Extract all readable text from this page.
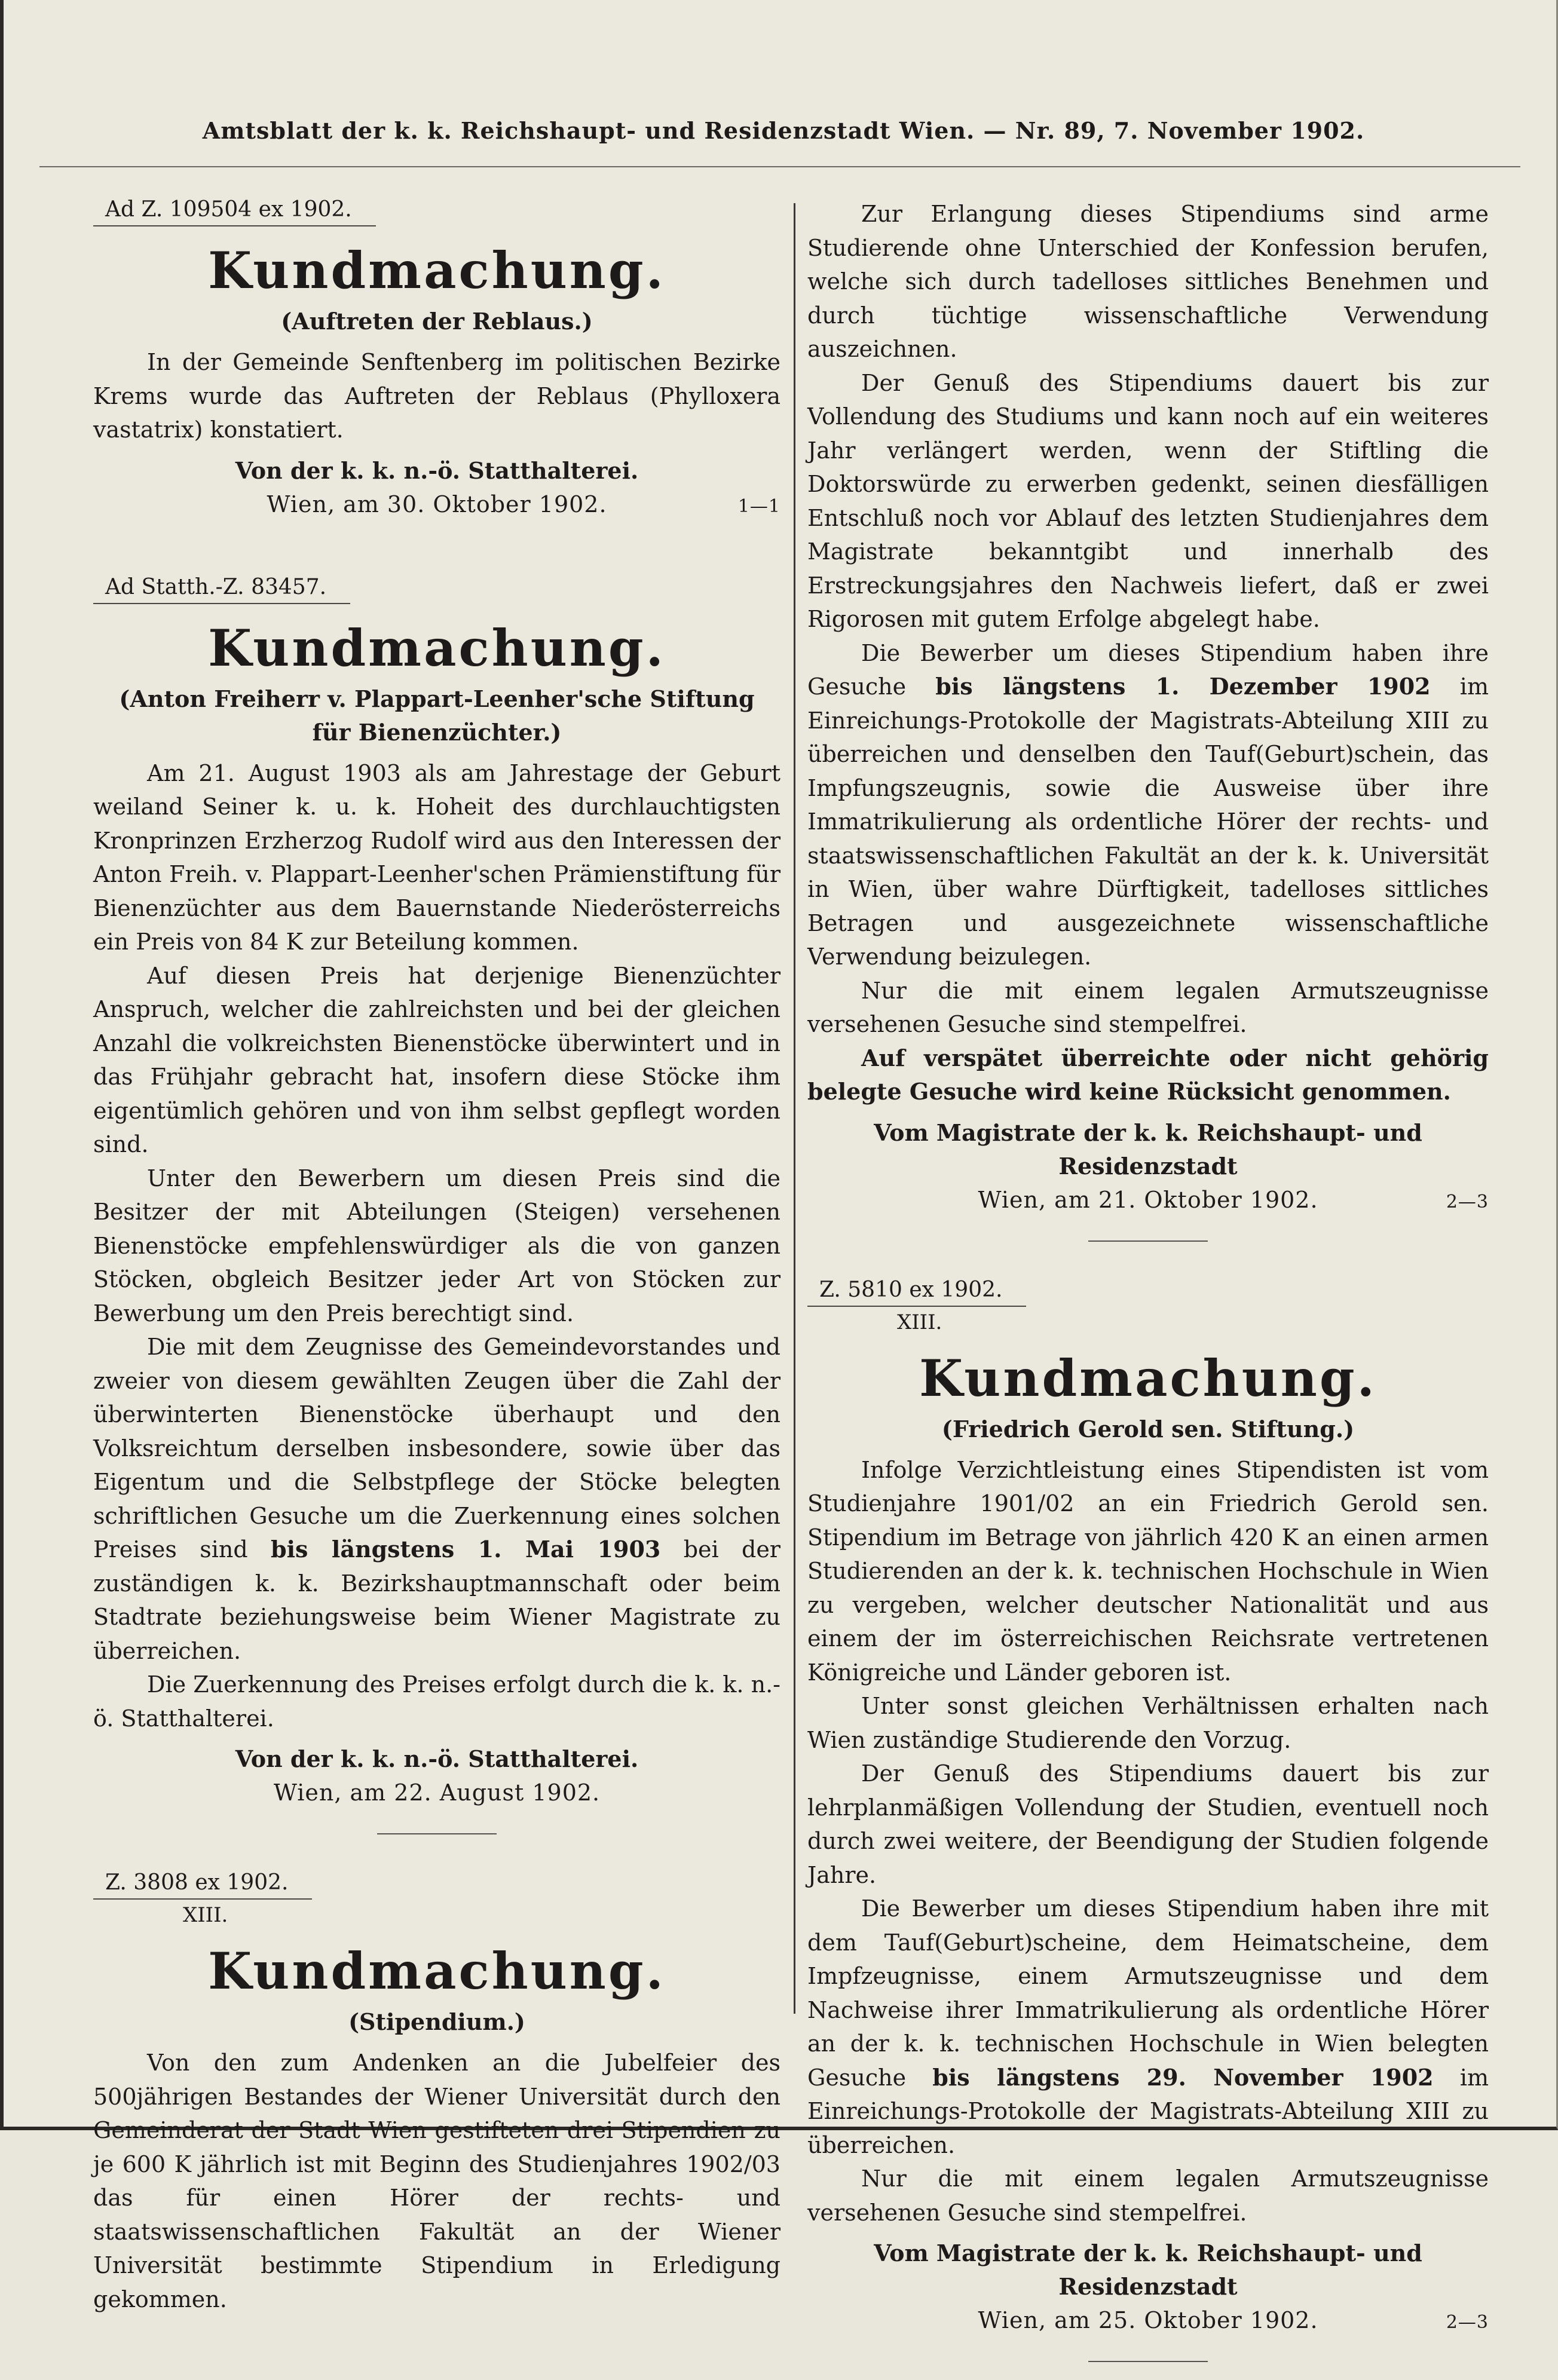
Amtsblatt der k. k. Reichshaupt- und Residenzstadt Wien. — Nr. 89, 7. November 1902.
Ad Z. 109504 ex 1902.
Kundmachung.
(Auftreten der Reblaus.)

In der Gemeinde Senftenberg im politischen Bezirke Krems wurde das Auftreten der Reblaus (Phylloxera vastatrix) konstatiert.

Von der k. k. n.-ö. Statthalterei.
Wien, am 30. Oktober 1902.	1—1
Ad Statth.-Z. 83457.
Kundmachung.
(Anton Freiherr v. Plappart-Leenher'sche Stiftung für Bienenzüchter.)

Am 21. August 1903 als am Jahrestage der Geburt weiland Seiner k. u. k. Hoheit des durchlauchtigsten Kronprinzen Erzherzog Rudolf wird aus den Interessen der Anton Freih. v. Plappart-Leenher'schen Prämienstiftung für Bienenzüchter aus dem Bauernstande Niederösterreichs ein Preis von 84 K zur Beteilung kommen.

Auf diesen Preis hat derjenige Bienenzüchter Anspruch, welcher die zahlreichsten und bei der gleichen Anzahl die volkreichsten Bienenstöcke überwintert und in das Frühjahr gebracht hat, insofern diese Stöcke ihm eigentümlich gehören und von ihm selbst gepflegt worden sind.

Unter den Bewerbern um diesen Preis sind die Besitzer der mit Abteilungen (Steigen) versehenen Bienenstöcke empfehlenswürdiger als die von ganzen Stöcken, obgleich Besitzer jeder Art von Stöcken zur Bewerbung um den Preis berechtigt sind.

Die mit dem Zeugnisse des Gemeindevorstandes und zweier von diesem gewählten Zeugen über die Zahl der überwinterten Bienenstöcke überhaupt und den Volksreichtum derselben insbesondere, sowie über das Eigentum und die Selbstpflege der Stöcke belegten schriftlichen Gesuche um die Zuerkennung eines solchen Preises sind bis längstens 1. Mai 1903 bei der zuständigen k. k. Bezirkshauptmannschaft oder beim Stadtrate beziehungsweise beim Wiener Magistrate zu überreichen.

Die Zuerkennung des Preises erfolgt durch die k. k. n.-ö. Statthalterei.

Von der k. k. n.-ö. Statthalterei.
Wien, am 22. August 1902.
Z. 3808 ex 1902.
XIII.
Kundmachung.
(Stipendium.)

Von den zum Andenken an die Jubelfeier des 500jährigen Bestandes der Wiener Universität durch den Gemeinderat der Stadt Wien gestifteten drei Stipendien zu je 600 K jährlich ist mit Beginn des Studienjahres 1902/03 das für einen Hörer der rechts- und staatswissenschaftlichen Fakultät an der Wiener Universität bestimmte Stipendium in Erledigung gekommen.

Zur Erlangung dieses Stipendiums sind arme Studierende ohne Unterschied der Konfession berufen, welche sich durch tadelloses sittliches Benehmen und durch tüchtige wissenschaftliche Verwendung auszeichnen.

Der Genuß des Stipendiums dauert bis zur Vollendung des Studiums und kann noch auf ein weiteres Jahr verlängert werden, wenn der Stiftling die Doktorswürde zu erwerben gedenkt, seinen diesfälligen Entschluß noch vor Ablauf des letzten Studienjahres dem Magistrate bekanntgibt und innerhalb des Erstreckungsjahres den Nachweis liefert, daß er zwei Rigorosen mit gutem Erfolge abgelegt habe.

Die Bewerber um dieses Stipendium haben ihre Gesuche bis längstens 1. Dezember 1902 im Einreichungs-Protokolle der Magistrats-Abteilung XIII zu überreichen und denselben den Tauf(Geburt)schein, das Impfungszeugnis, sowie die Ausweise über ihre Immatrikulierung als ordentliche Hörer der rechts- und staatswissenschaftlichen Fakultät an der k. k. Universität in Wien, über wahre Dürftigkeit, tadelloses sittliches Betragen und ausgezeichnete wissenschaftliche Verwendung beizulegen.

Nur die mit einem legalen Armutszeugnisse versehenen Gesuche sind stempelfrei.

Auf verspätet überreichte oder nicht gehörig belegte Gesuche wird keine Rücksicht genommen.

Vom Magistrate der k. k. Reichshaupt- und Residenzstadt
Wien, am 21. Oktober 1902.	2—3
Z. 5810 ex 1902.
XIII.
Kundmachung.
(Friedrich Gerold sen. Stiftung.)

Infolge Verzichtleistung eines Stipendisten ist vom Studienjahre 1901/02 an ein Friedrich Gerold sen. Stipendium im Betrage von jährlich 420 K an einen armen Studierenden an der k. k. technischen Hochschule in Wien zu vergeben, welcher deutscher Nationalität und aus einem der im österreichischen Reichsrate vertretenen Königreiche und Länder geboren ist.

Unter sonst gleichen Verhältnissen erhalten nach Wien zuständige Studierende den Vorzug.

Der Genuß des Stipendiums dauert bis zur lehrplanmäßigen Vollendung der Studien, eventuell noch durch zwei weitere, der Beendigung der Studien folgende Jahre.

Die Bewerber um dieses Stipendium haben ihre mit dem Tauf(Geburt)scheine, dem Heimatscheine, dem Impfzeugnisse, einem Armutszeugnisse und dem Nachweise ihrer Immatrikulierung als ordentliche Hörer an der k. k. technischen Hochschule in Wien belegten Gesuche bis längstens 29. November 1902 im Einreichungs-Protokolle der Magistrats-Abteilung XIII zu überreichen.

Nur die mit einem legalen Armutszeugnisse versehenen Gesuche sind stempelfrei.

Vom Magistrate der k. k. Reichshaupt- und Residenzstadt
Wien, am 25. Oktober 1902.	2—3
